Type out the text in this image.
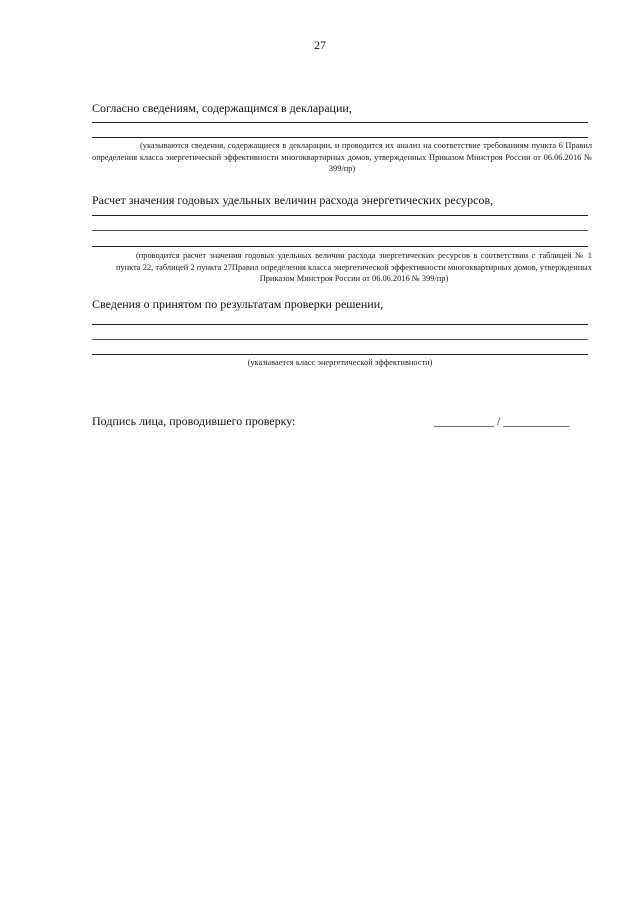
27
Согласно сведениям, содержащимся в декларации,
(указываются сведения, содержащиеся в декларации, и проводится их анализ на соответствие требованиям пункта 6 Правил определения класса энергетической эффективности многоквартирных домов, утвержденных Приказом Минстроя России от 06.06.2016 № 399/пр)
Расчет значения годовых удельных величин расхода энергетических ресурсов,
(проводится расчет значения годовых удельных величин расхода энергетических ресурсов в соответствии с таблицей № 1 пункта 22, таблицей 2 пункта 27Правил определения класса энергетической эффективности многоквартирных домов, утвержденных Приказом Минстроя России от 06.06.2016 № 399/пр)
Сведения о принятом по результатам проверки решении,
(указывается класс энергетической эффективности)
Подпись лица, проводившего проверку:	__________ / ___________
